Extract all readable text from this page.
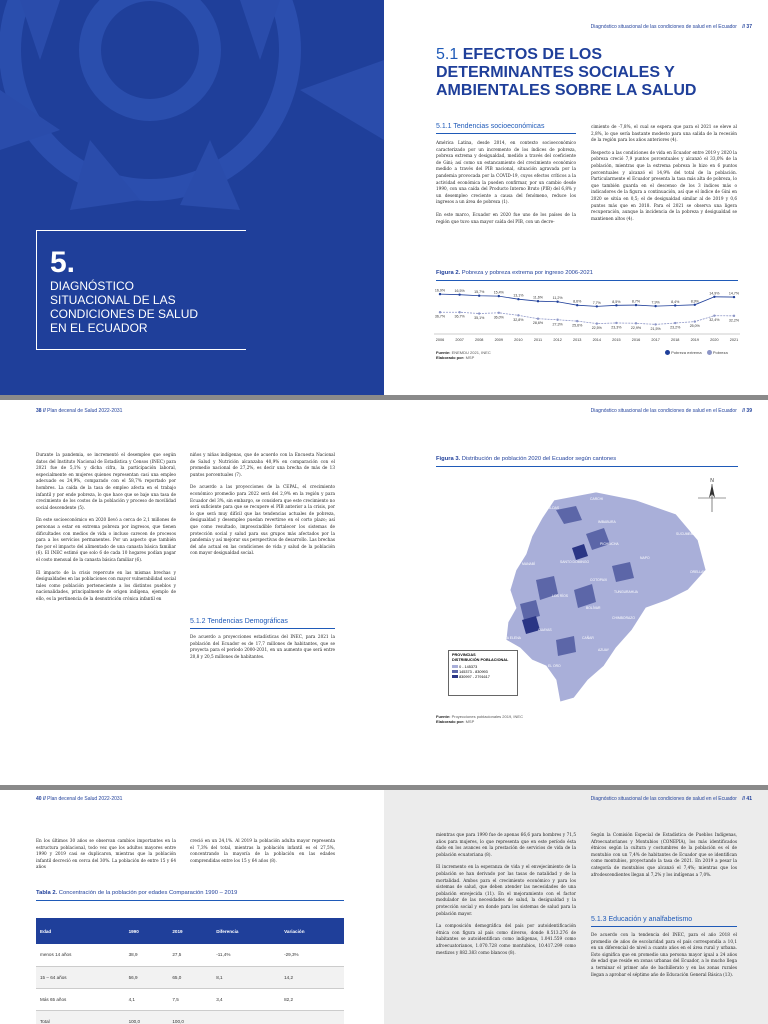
5.
DIAGNÓSTICO SITUACIONAL DE LAS CONDICIONES DE SALUD EN EL ECUADOR
Diagnóstico situacional de las condiciones de salud en el Ecuador // 37
5.1 EFECTOS DE LOS DETERMINANTES SOCIALES Y AMBIENTALES SOBRE LA SALUD
5.1.1 Tendencias socioeconómicas

América Latina, desde 2014, en contexto socioeconómico caracterizado por un incremento de los índices de pobreza, pobreza extrema y desigualdad, medido a través del coeficiente de Gini; así como un estancamiento del crecimiento económico medido a través del PIB nacional, situación agravada por la pandemia provocada por la COVID-19, cuyos efectos críticos a la actividad económica la pueden confirmar, por un cambio desde 1990, con una caída del Producto Interno Bruto (PIB) del 6,8% y un desempleo creciente a causa del fenómeno, reduce los ingresos a un área de pobreza (1).

En este marco, Ecuador en 2020 fue uno de los países de la región que tuvo una mayor caída del PIB, con un decre-

cimiento de -7,8%, el cual se espera que para el 2021 se eleve al 2,8%, lo que sería bastante modesto para una salida de la recesión de la región para los años anteriores (4).

Respecto a las condiciones de vida en Ecuador entre 2019 y 2020 la pobreza creció 7,9 puntos porcentuales y alcanzó el 33,0% de la población, mientras que la extrema pobreza lo hizo en 6 puntos porcentuales y alcanzó el 14,9% del total de la población. Particularmente el Ecuador presenta la tasa más alta de pobreza, lo que también guarda en el descenso de los 3 índices más o indicadores de la figura a continuación, así que el índice de Gini en 2020 se sitúa en 0,5; el de desigualdad similar al de 2019 y 0,6 puntos más que en 2018. Para el 2021 se observa una ligera recuperación, aunque la incidencia de la pobreza y desigualdad se mantienen altos (4).

Figura 2. Pobreza y pobreza extrema por ingreso 2006-2021
16,9%	16,5%	15,7%	15,4%
13,1%	11,6%	11,2%
8,6%	7,7%	8,5%	8,7%	7,9%	8,4%	8,9%
14,9%	14,7%
36,7%	36,7%	35,1%	36,0%
32,8%
28,6%	27,3%	25,6%
22,5%	23,3%	22,9%	21,5%	23,2%	25,0%
32,4%	32,2%
2006	2007	2008	2009	2010	2011	2012	2013	2014	2015	2016	2017	2018	2019	2020	2021
Fuente: ENEMDU 2021, INEC
Elaborado por: MSP
Pobreza extrema	Pobreza
38 // Plan decenal de Salud 2022-2031

Durante la pandemia, se incrementó el desempleo que según datos del Instituto Nacional de Estadística y Censos (INEC) para 2021 fue de 5,1% y dicha cifra, la participación laboral, especialmente en mujeres quienes representan casi una empleo adecuado es 24,9%, comparado con el 58,7% reportado por hombres. La caída de la tasa de empleo afecta en el trabajo infantil y por ende pobreza, lo que hace que se baje una tasa de crecimiento de los costos de la población y proceso de movilidad social descendente (5).

En este socioeconómico en 2020 llevó a cerca de 2,1 millones de personas a estar en extrema pobreza por ingresos, que tienen dificultades con medios de vida o incluso carecen de procesos para a los servicios permanentes. Por un aspecto que también fue por el impacto del alimentado de una canasta básica familiar (6). El INEC estimó que solo 6 de cada 10 hogares podían pagar el costo mensual de la canasta básica familiar (6).

El impacto de la crisis repercute en las mismas brechas y desigualdades en las poblaciones con mayor vulnerabilidad social tales como población perteneciente a los distintos pueblos y nacionalidades, principalmente de origen indígena, ejemplo de ello, es la pertinencia de la desnutrición crónica infantil en

niños y niñas indígenas, que de acuerdo con la Encuesta Nacional de Salud y Nutrición alcanzaba 40,9% en comparación con el promedio nacional de 27,2%, es decir una brecha de más de 13 puntos porcentuales (7).

De acuerdo a las proyecciones de la CEPAL, el crecimiento económico promedio para 2022 será del 2,9% en la región y para Ecuador del 3%, sin embargo, se considera que este crecimiento no será suficiente para que se recupere el PIB anterior a la crisis, por lo que será muy difícil que las tendencias actuales de pobreza, desigualdad y desempleo puedan revertirse en el corto plazo; así que como resultado, imprescindible fortalecer los sistemas de protección social y salud para sus grupos más afectados por la pandemia y así mejorar sus perspectivas de desarrollo. Las brechas del año actual en las condiciones de vida y salud de la población con mayor desigualdad social.

5.1.2 Tendencias Demográficas
De acuerdo a proyecciones estadísticas del INEC, para 2021 la población del Ecuador es de 17,7 millones de habitantes, que se proyecta para el período 2000-2031, en un aumento que será entre 20,8 y 20,5 millones de habitantes.
Diagnóstico situacional de las condiciones de salud en el Ecuador // 39
Figura 3. Distribución de población 2020 del Ecuador según cantones
N
PROVINCIAS
DISTRIBUCIÓN POBLACIONAL
0 - 145373
145373 - 830993
830997 - 2791617
CARCHI
ESMERALDAS
IMBABURA
SUCUMBÍOS
PICHINCHA
NAPO
ORELLANA
MANABÍ	SANTO DOMINGO
COTOPAXI
TUNGURAHUA
PASTAZA
LOS RÍOS
BOLÍVAR
CHIMBORAZO
GUAYAS
SANTA ELENA	CAÑAR
MORONA SANTIAGO
AZUAY
EL ORO
ZAMORA
LOJA
Fuente: Proyecciones poblacionales 2019, INEC
Elaborado por: MSP
40 // Plan decenal de Salud 2022-2031
En los últimos 30 años se observan cambios importantes en la estructura poblacional, todo vez que los adultos mayores entre 1990 y 2019 casi se duplicaron, mientras que la población infantil decreció en cerca del 30%. La población de entre 15 y 64 años
creció en un 24,1%. Al 2019 la población adulta mayor representa el 7,3% del total, mientras la población infantil es el 27,5%, concentrando la mayoría de la población en las edades comprendidas entre los 15 y 64 años (8).
Tabla 2. Concentración de la población por edades Comparación 1990 – 2019
Edad	1990	2019	Diferencia	Variación
menos 14 años	38,9	27,5	-11,4%	-29,3%
15 – 64 años	56,9	65,0	8,1	14,2
Más 65 años	4,1	7,5	3,4	82,2
Total	100,0	100,0		
Diagnóstico situacional de las condiciones de salud en el Ecuador // 41

mientras que para 1990 fue de apenas 66,6 para hombres y 71,5 años para mujeres, lo que representa que en este período ésta dado en los avances en la prestación de servicios de vida de la población ecuatoriana (8).

El incremento en la esperanza de vida y el envejecimiento de la población se han derivado por las tasas de natalidad y de la mortalidad. Ambos para el crecimiento económico y para los sistemas de salud, que deben atender las necesidades de una población envejecida (11). En el mejoramiento con el factor modulador de las necesidades de salud, la desigualdad y la protección social y en donde para los sistemas de salud para la población mayor.

La composición demográfica del país por autoidentificación étnica con figura al país como diverso, donde 8.513.276 de habitantes se autoidentifican como indígenas, 1.041.559 como afroecuatorianos, 1.070.728 como montubios, 10.417.299 como mestizos y 882.383 como blancos (8).

Según la Comisión Especial de Estadística de Pueblos Indígenas, Afroecuatorianos y Montubios (CONEPIA), los más identificados étnicos según la cultura y costumbres de la población es el de montubio con un 7,4% de habitantes de Ecuador que se identifican como montubios, proyectando la tasa de 2021. En 2019 a pesar la categoría de montubios que alcanzó el 7,4%; mientras que los afrodescendientes llegan al 7,2% y los indígenas a 7,0%.
5.1.3 Educación y analfabetismo
De acuerdo con la tendencia del INEC, para el año 2018 el promedio de años de escolaridad para el país correspondía a 10,1 en un diferencial de nivel a cuanto años en el área rural y urbana. Esto significa que en promedio una persona mayor igual a 24 años de edad que reside en zonas urbanas del Ecuador, a lo mucho llega a terminar el primer año de bachillerato y en las zonas rurales llegan a aprobar el séptimo año de Educación General Básica (13).
